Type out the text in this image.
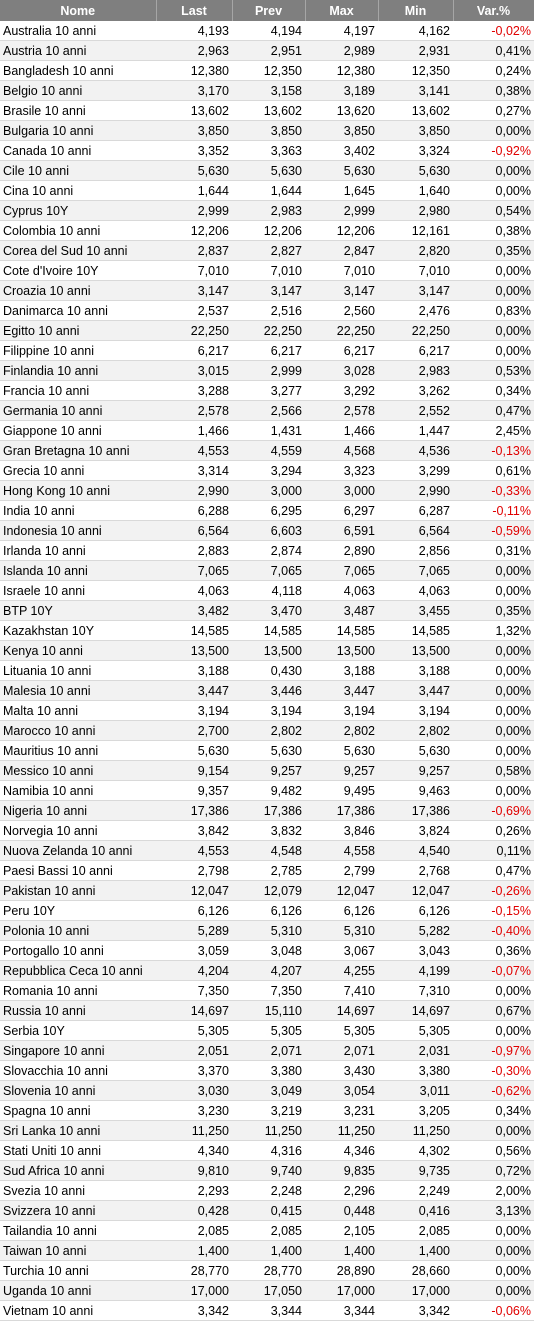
Nome	Last	Prev	Max	Min	Var.%
Australia 10 anni	4,193	4,194	4,197	4,162	-0,02%
Austria 10 anni	2,963	2,951	2,989	2,931	0,41%
Bangladesh 10 anni	12,380	12,350	12,380	12,350	0,24%
Belgio 10 anni	3,170	3,158	3,189	3,141	0,38%
Brasile 10 anni	13,602	13,602	13,620	13,602	0,27%
Bulgaria 10 anni	3,850	3,850	3,850	3,850	0,00%
Canada 10 anni	3,352	3,363	3,402	3,324	-0,92%
Cile 10 anni	5,630	5,630	5,630	5,630	0,00%
Cina 10 anni	1,644	1,644	1,645	1,640	0,00%
Cyprus 10Y	2,999	2,983	2,999	2,980	0,54%
Colombia 10 anni	12,206	12,206	12,206	12,161	0,38%
Corea del Sud 10 anni	2,837	2,827	2,847	2,820	0,35%
Cote d'Ivoire 10Y	7,010	7,010	7,010	7,010	0,00%
Croazia 10 anni	3,147	3,147	3,147	3,147	0,00%
Danimarca 10 anni	2,537	2,516	2,560	2,476	0,83%
Egitto 10 anni	22,250	22,250	22,250	22,250	0,00%
Filippine 10 anni	6,217	6,217	6,217	6,217	0,00%
Finlandia 10 anni	3,015	2,999	3,028	2,983	0,53%
Francia 10 anni	3,288	3,277	3,292	3,262	0,34%
Germania 10 anni	2,578	2,566	2,578	2,552	0,47%
Giappone 10 anni	1,466	1,431	1,466	1,447	2,45%
Gran Bretagna 10 anni	4,553	4,559	4,568	4,536	-0,13%
Grecia 10 anni	3,314	3,294	3,323	3,299	0,61%
Hong Kong 10 anni	2,990	3,000	3,000	2,990	-0,33%
India 10 anni	6,288	6,295	6,297	6,287	-0,11%
Indonesia 10 anni	6,564	6,603	6,591	6,564	-0,59%
Irlanda 10 anni	2,883	2,874	2,890	2,856	0,31%
Islanda 10 anni	7,065	7,065	7,065	7,065	0,00%
Israele 10 anni	4,063	4,118	4,063	4,063	0,00%
BTP 10Y	3,482	3,470	3,487	3,455	0,35%
Kazakhstan 10Y	14,585	14,585	14,585	14,585	1,32%
Kenya 10 anni	13,500	13,500	13,500	13,500	0,00%
Lituania 10 anni	3,188	0,430	3,188	3,188	0,00%
Malesia 10 anni	3,447	3,446	3,447	3,447	0,00%
Malta 10 anni	3,194	3,194	3,194	3,194	0,00%
Marocco 10 anni	2,700	2,802	2,802	2,802	0,00%
Mauritius 10 anni	5,630	5,630	5,630	5,630	0,00%
Messico 10 anni	9,154	9,257	9,257	9,257	0,58%
Namibia 10 anni	9,357	9,482	9,495	9,463	0,00%
Nigeria 10 anni	17,386	17,386	17,386	17,386	-0,69%
Norvegia 10 anni	3,842	3,832	3,846	3,824	0,26%
Nuova Zelanda 10 anni	4,553	4,548	4,558	4,540	0,11%
Paesi Bassi 10 anni	2,798	2,785	2,799	2,768	0,47%
Pakistan 10 anni	12,047	12,079	12,047	12,047	-0,26%
Peru 10Y	6,126	6,126	6,126	6,126	-0,15%
Polonia 10 anni	5,289	5,310	5,310	5,282	-0,40%
Portogallo 10 anni	3,059	3,048	3,067	3,043	0,36%
Repubblica Ceca 10 anni	4,204	4,207	4,255	4,199	-0,07%
Romania 10 anni	7,350	7,350	7,410	7,310	0,00%
Russia 10 anni	14,697	15,110	14,697	14,697	0,67%
Serbia 10Y	5,305	5,305	5,305	5,305	0,00%
Singapore 10 anni	2,051	2,071	2,071	2,031	-0,97%
Slovacchia 10 anni	3,370	3,380	3,430	3,380	-0,30%
Slovenia 10 anni	3,030	3,049	3,054	3,011	-0,62%
Spagna 10 anni	3,230	3,219	3,231	3,205	0,34%
Sri Lanka 10 anni	11,250	11,250	11,250	11,250	0,00%
Stati Uniti 10 anni	4,340	4,316	4,346	4,302	0,56%
Sud Africa 10 anni	9,810	9,740	9,835	9,735	0,72%
Svezia 10 anni	2,293	2,248	2,296	2,249	2,00%
Svizzera 10 anni	0,428	0,415	0,448	0,416	3,13%
Tailandia 10 anni	2,085	2,085	2,105	2,085	0,00%
Taiwan 10 anni	1,400	1,400	1,400	1,400	0,00%
Turchia 10 anni	28,770	28,770	28,890	28,660	0,00%
Uganda 10 anni	17,000	17,050	17,000	17,000	0,00%
Vietnam 10 anni	3,342	3,344	3,344	3,342	-0,06%
